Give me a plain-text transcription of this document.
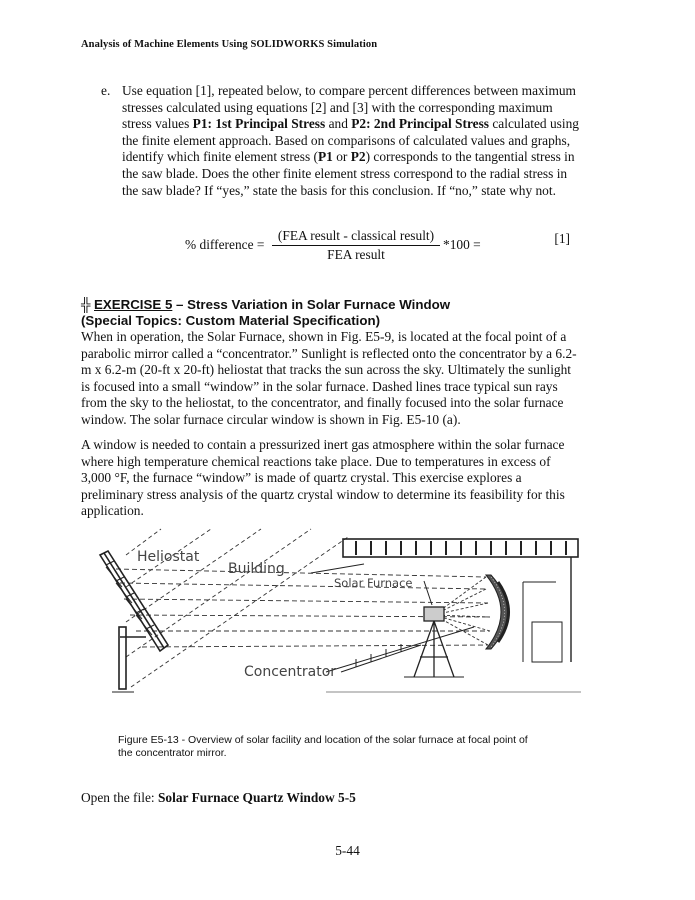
Analysis of Machine Elements Using SOLIDWORKS Simulation
e. Use equation [1], repeated below, to compare percent differences between maximum stresses calculated using equations [2] and [3] with the corresponding maximum stress values P1: 1st Principal Stress and P2: 2nd Principal Stress calculated using the finite element approach. Based on comparisons of calculated values and graphs, identify which finite element stress (P1 or P2) corresponds to the tangential stress in the saw blade. Does the other finite element stress correspond to the radial stress in the saw blade? If “yes,” state the basis for this conclusion. If “no,” state why not.
% difference =
(FEA result - classical result)
FEA result
*100 =	[1]
╬ EXERCISE 5 – Stress Variation in Solar Furnace Window
(Special Topics: Custom Material Specification)
When in operation, the Solar Furnace, shown in Fig. E5-9, is located at the focal point of a parabolic mirror called a “concentrator.” Sunlight is reflected onto the concentrator by a 6.2-m x 6.2-m (20-ft x 20-ft) heliostat that tracks the sun across the sky. Ultimately the sunlight is focused into a small “window” in the solar furnace. Dashed lines trace typical sun rays from the sky to the heliostat, to the concentrator, and finally focused into the solar furnace window. The solar furnace circular window is shown in Fig. E5-10 (a).
A window is needed to contain a pressurized inert gas atmosphere within the solar furnace where high temperature chemical reactions take place. Due to temperatures in excess of 3,000 °F, the furnace “window” is made of quartz crystal. This exercise explores a preliminary stress analysis of the quartz crystal window to determine its feasibility for this application.
Heliostat
Building
Solar Furnace
Concentrator
Figure E5-13 - Overview of solar facility and location of the solar furnace at focal point of the concentrator mirror.
Open the file: Solar Furnace Quartz Window 5-5
5-44
